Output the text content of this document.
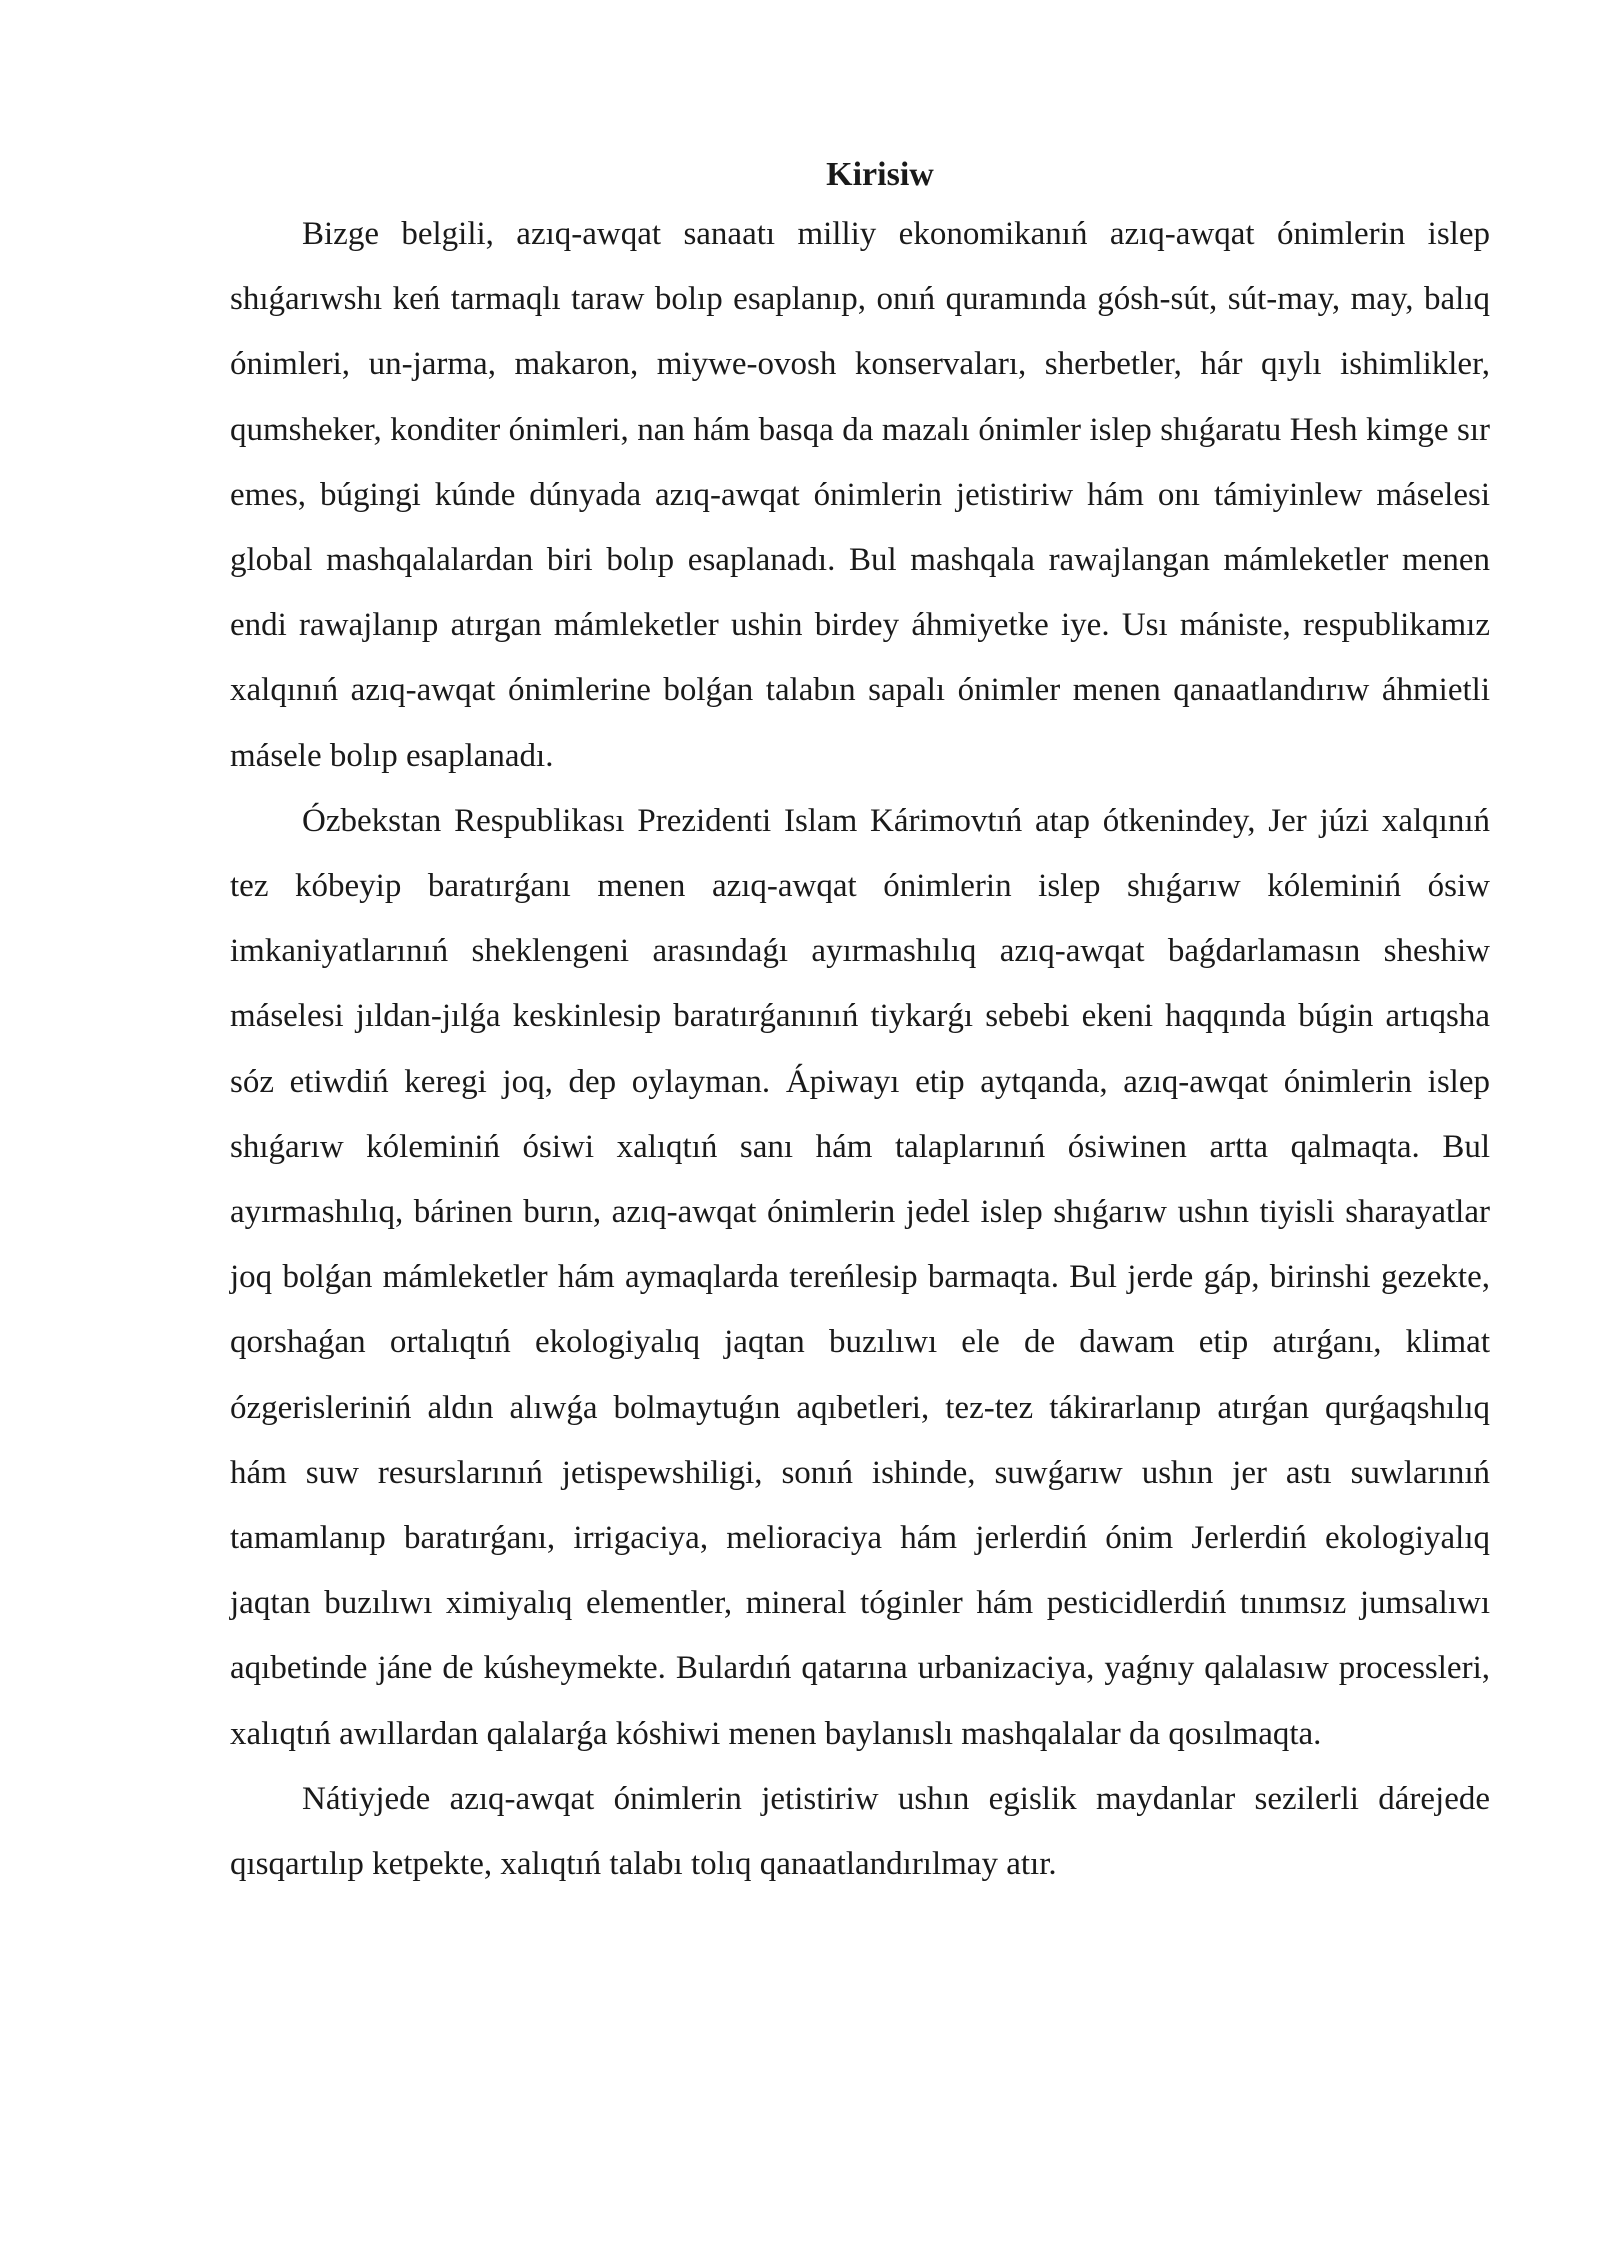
Kirisiw

Bizge belgili, azıq-awqat sanaatı milliy ekonomikanıń azıq-awqat ónimlerin islep shıǵarıwshı keń tarmaqlı taraw bolıp esaplanıp, onıń quramında gósh-sút, sút-may, may, balıq ónimleri, un-jarma, makaron, miywe-ovosh konservaları, sherbetler, hár qıylı ishimlikler, qumsheker, konditer ónimleri, nan hám basqa da mazalı ónimler islep shıǵaratu Hesh kimge sır emes, búgingi kúnde dúnyada azıq-awqat ónimlerin jetistiriw hám onı támiyinlew máselesi global mashqalalardan biri bolıp esaplanadı. Bul mashqala rawajlangan mámleketler menen endi rawajlanıp atırgan mámleketler ushin birdey áhmiyetke iye. Usı mániste, respublikamız xalqınıń azıq-awqat ónimlerine bolǵan talabın sapalı ónimler menen qanaatlandırıw áhmietli másele bolıp esaplanadı.

Ózbekstan Respublikası Prezidenti Islam Kárimovtıń atap ótkenindey, Jer júzi xalqınıń tez kóbeyip baratırǵanı menen azıq-awqat ónimlerin islep shıǵarıw kóleminiń ósiw imkaniyatlarınıń sheklengeni arasındaǵı ayırmashılıq azıq-awqat baǵdarlamasın sheshiw máselesi jıldan-jılǵa keskinlesip baratırǵanınıń tiykarǵı sebebi ekeni haqqında búgin artıqsha sóz etiwdiń keregi joq, dep oylayman. Ápiwayı etip aytqanda, azıq-awqat ónimlerin islep shıǵarıw kóleminiń ósiwi xalıqtıń sanı hám talaplarınıń ósiwinen artta qalmaqta. Bul ayırmashılıq, bárinen burın, azıq-awqat ónimlerin jedel islep shıǵarıw ushın tiyisli sharayatlar joq bolǵan mámleketler hám aymaqlarda tereńlesip barmaqta. Bul jerde gáp, birinshi gezekte, qorshaǵan ortalıqtıń ekologiyalıq jaqtan buzılıwı ele de dawam etip atırǵanı, klimat ózgerisleriniń aldın alıwǵa bolmaytuǵın aqıbetleri, tez-tez tákirarlanıp atırǵan qurǵaqshılıq hám suw resurslarınıń jetispewshiligi, sonıń ishinde, suwǵarıw ushın jer astı suwlarınıń tamamlanıp baratırǵanı, irrigaciya, melioraciya hám jerlerdiń ónim Jerlerdiń ekologiyalıq jaqtan buzılıwı ximiyalıq elementler, mineral tóginler hám pesticidlerdiń tınımsız jumsalıwı aqıbetinde jáne de kúsheymekte. Bulardıń qatarına urbanizaciya, yaǵnıy qalalasıw processleri, xalıqtıń awıllardan qalalarǵa kóshiwi menen baylanıslı mashqalalar da qosılmaqta.

Nátiyjede azıq-awqat ónimlerin jetistiriw ushın egislik maydanlar sezilerli dárejede qısqartılıp ketpekte, xalıqtıń talabı tolıq qanaatlandırılmay atır.
